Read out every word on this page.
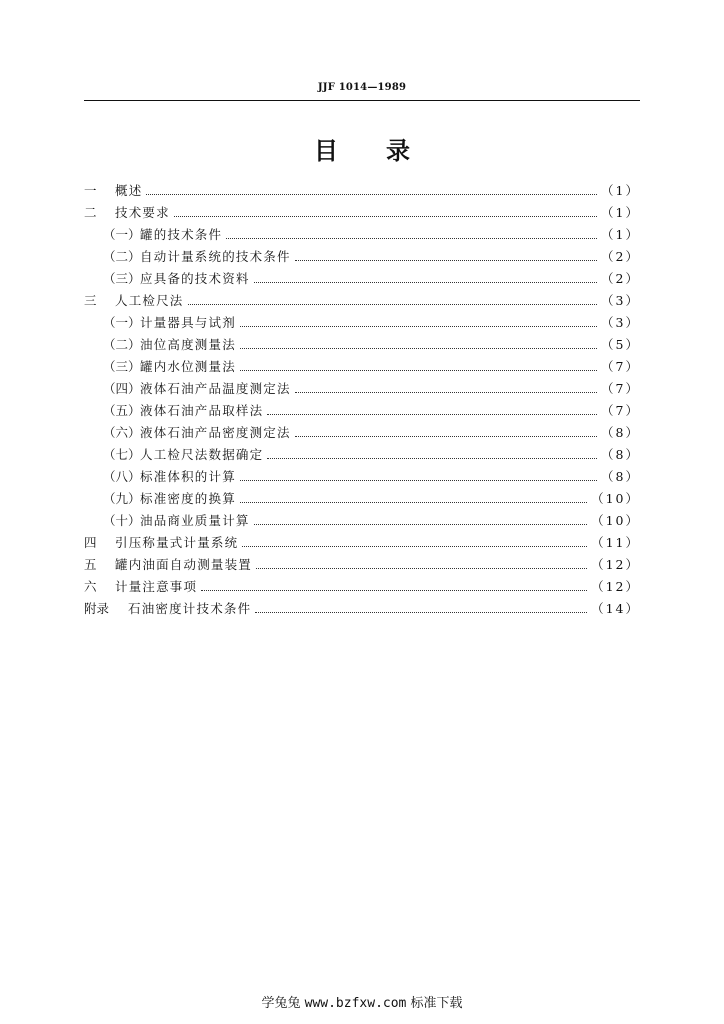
JJF 1014—1989
目 录
一	概述	（1）
二	技术要求	（1）
（一） 罐的技术条件	（1）
（二） 自动计量系统的技术条件	（2）
（三） 应具备的技术资料	（2）
三	人工检尺法	（3）
（一） 计量器具与试剂	（3）
（二） 油位高度测量法	（5）
（三） 罐内水位测量法	（7）
（四） 液体石油产品温度测定法	（7）
（五） 液体石油产品取样法	（7）
（六） 液体石油产品密度测定法	（8）
（七） 人工检尺法数据确定	（8）
（八） 标准体积的计算	（8）
（九） 标准密度的换算	（10）
（十） 油品商业质量计算	（10）
四	引压称量式计量系统	（11）
五	罐内油面自动测量装置	（12）
六	计量注意事项	（12）
附录	石油密度计技术条件	（14）
学兔兔 www.bzfxw.com 标准下载
